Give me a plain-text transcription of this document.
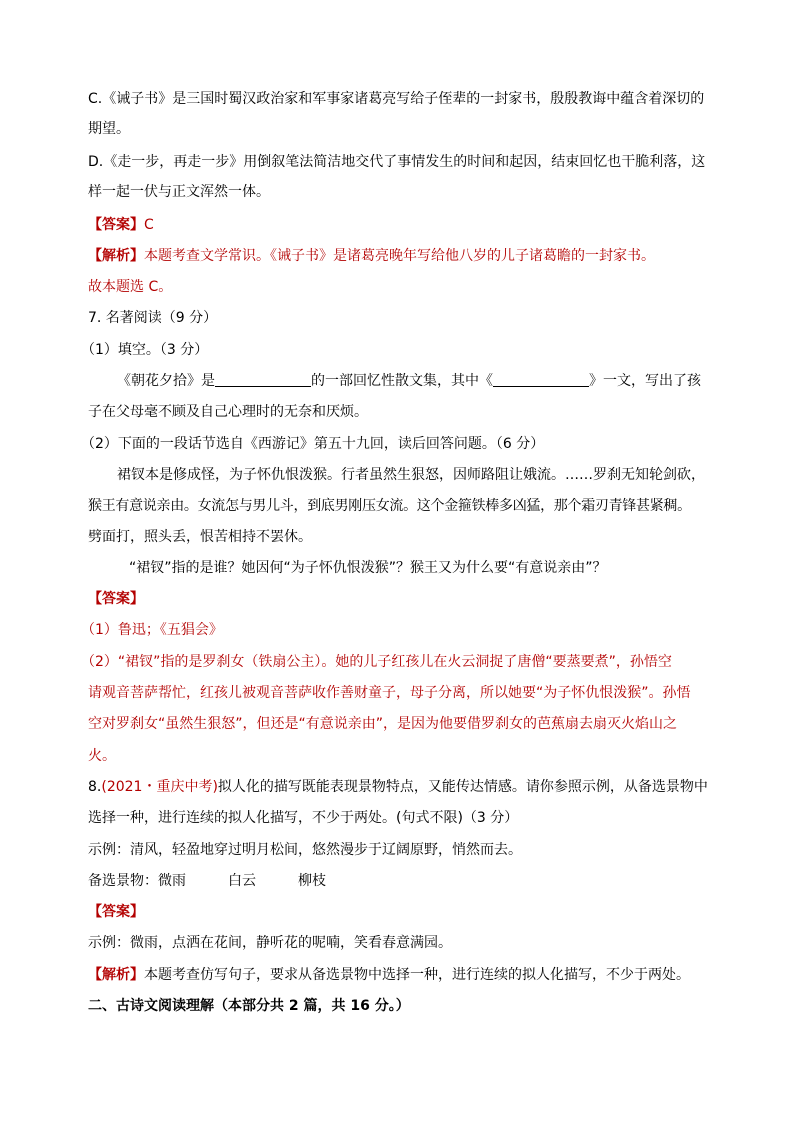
C.《诫子书》是三国时蜀汉政治家和军事家诸葛亮写给子侄辈的一封家书，殷殷教诲中蕴含着深切的
期望。
D.《走一步，再走一步》用倒叙笔法简洁地交代了事情发生的时间和起因，结束回忆也干脆利落，这
样一起一伏与正文浑然一体。
【答案】C
【解析】本题考查文学常识。《诫子书》是诸葛亮晚年写给他八岁的儿子诸葛瞻的一封家书。
故本题选 C。
7. 名著阅读（9 分）
（1）填空。（3 分）
《朝花夕拾》是	的一部回忆性散文集，其中《	》一文，写出了孩
子在父母毫不顾及自己心理时的无奈和厌烦。
（2）下面的一段话节选自《西游记》第五十九回，读后回答问题。（6 分）
裙钗本是修成怪，为子怀仇恨泼猴。行者虽然生狠怒，因师路阻让娥流。……罗刹无知轮剑砍，
猴王有意说亲由。女流怎与男儿斗，到底男刚压女流。这个金箍铁棒多凶猛，那个霜刃青锋甚紧稠。
劈面打，照头丢，恨苦相持不罢休。
“裙钗”指的是谁？她因何“为子怀仇恨泼猴”？猴王又为什么要“有意说亲由”？
【答案】
（1）鲁迅；《五猖会》
（2）“裙钗”指的是罗刹女（铁扇公主）。她的儿子红孩儿在火云洞捉了唐僧“要蒸要煮”，孙悟空
请观音菩萨帮忙，红孩儿被观音菩萨收作善财童子，母子分离，所以她要“为子怀仇恨泼猴”。孙悟
空对罗刹女“虽然生狠怒”，但还是“有意说亲由”，是因为他要借罗刹女的芭蕉扇去扇灭火焰山之
火。
8.(2021・重庆中考)拟人化的描写既能表现景物特点，又能传达情感。请你参照示例，从备选景物中
选择一种，进行连续的拟人化描写，不少于两处。(句式不限)（3 分）
示例：清风，轻盈地穿过明月松间，悠然漫步于辽阔原野，悄然而去。
备选景物：微雨	白云	柳枝
【答案】
示例：微雨，点洒在花间，静听花的呢喃，笑看春意满园。
【解析】本题考查仿写句子，要求从备选景物中选择一种，进行连续的拟人化描写，不少于两处。
二、古诗文阅读理解（本部分共 2 篇，共 16 分。）
